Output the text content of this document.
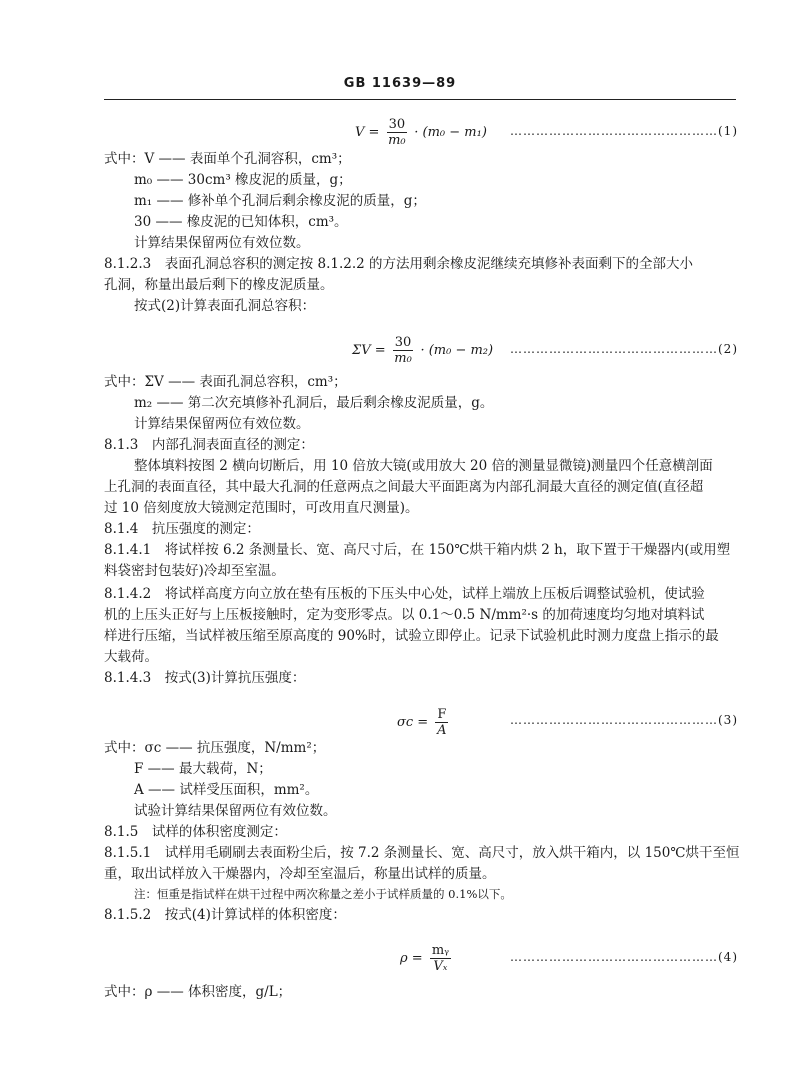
GB 11639—89
$V = \frac{30}{\text{m₀}} \cdot (m_0 - m_1)$ …………………………………………(1)
式中：V —— 表面单个孔洞容积，cm³；
m₀ —— 30cm³ 橡皮泥的质量，g；
m₁ —— 修补单个孔洞后剩余橡皮泥的质量，g；
30 —— 橡皮泥的已知体积，cm³。
计算结果保留两位有效位数。
8.1.2.3　表面孔洞总容积的测定按 8.1.2.2 的方法用剩余橡皮泥继续充填修补表面剩下的全部大小
孔洞，称量出最后剩下的橡皮泥质量。
按式(2)计算表面孔洞总容积：
$\Sigma V = \frac{30}{\text{m₀}} \cdot (m_0 - m_2)$ …………………………………………(2)
式中：ΣV —— 表面孔洞总容积，cm³；
m₂ —— 第二次充填修补孔洞后，最后剩余橡皮泥质量，g。
计算结果保留两位有效位数。
8.1.3　内部孔洞表面直径的测定：
整体填料按图 2 横向切断后，用 10 倍放大镜(或用放大 20 倍的测量显微镜)测量四个任意横剖面
上孔洞的表面直径，其中最大孔洞的任意两点之间最大平面距离为内部孔洞最大直径的测定值(直径超
过 10 倍刻度放大镜测定范围时，可改用直尺测量)。
8.1.4　抗压强度的测定：
8.1.4.1　将试样按 6.2 条测量长、宽、高尺寸后，在 150℃烘干箱内烘 2 h，取下置于干燥器内(或用塑
料袋密封包装好)冷却至室温。
8.1.4.2　将试样高度方向立放在垫有压板的下压头中心处，试样上端放上压板后调整试验机，使试验
机的上压头正好与上压板接触时，定为变形零点。以 0.1～0.5 N/mm²·s 的加荷速度均匀地对填料试
样进行压缩，当试样被压缩至原高度的 90%时，试验立即停止。记录下试验机此时测力度盘上指示的最
大载荷。
8.1.4.3　按式(3)计算抗压强度：
$\sigma c = \frac{F}{A}$	…………………………………………(3)
式中：σc —— 抗压强度，N/mm²；
F —— 最大载荷，N；
A —— 试样受压面积，mm²。
试验计算结果保留两位有效位数。
8.1.5　试样的体积密度测定：
8.1.5.1　试样用毛刷刷去表面粉尘后，按 7.2 条测量长、宽、高尺寸，放入烘干箱内，以 150℃烘干至恒
重，取出试样放入干燥器内，冷却至室温后，称量出试样的质量。
注：恒重是指试样在烘干过程中两次称量之差小于试样质量的 0.1%以下。
8.1.5.2　按式(4)计算试样的体积密度：
$\rho = \frac{\text{mᵧ}}{\text{Vₓ}}$	…………………………………………(4)
式中：ρ —— 体积密度，g/L；
